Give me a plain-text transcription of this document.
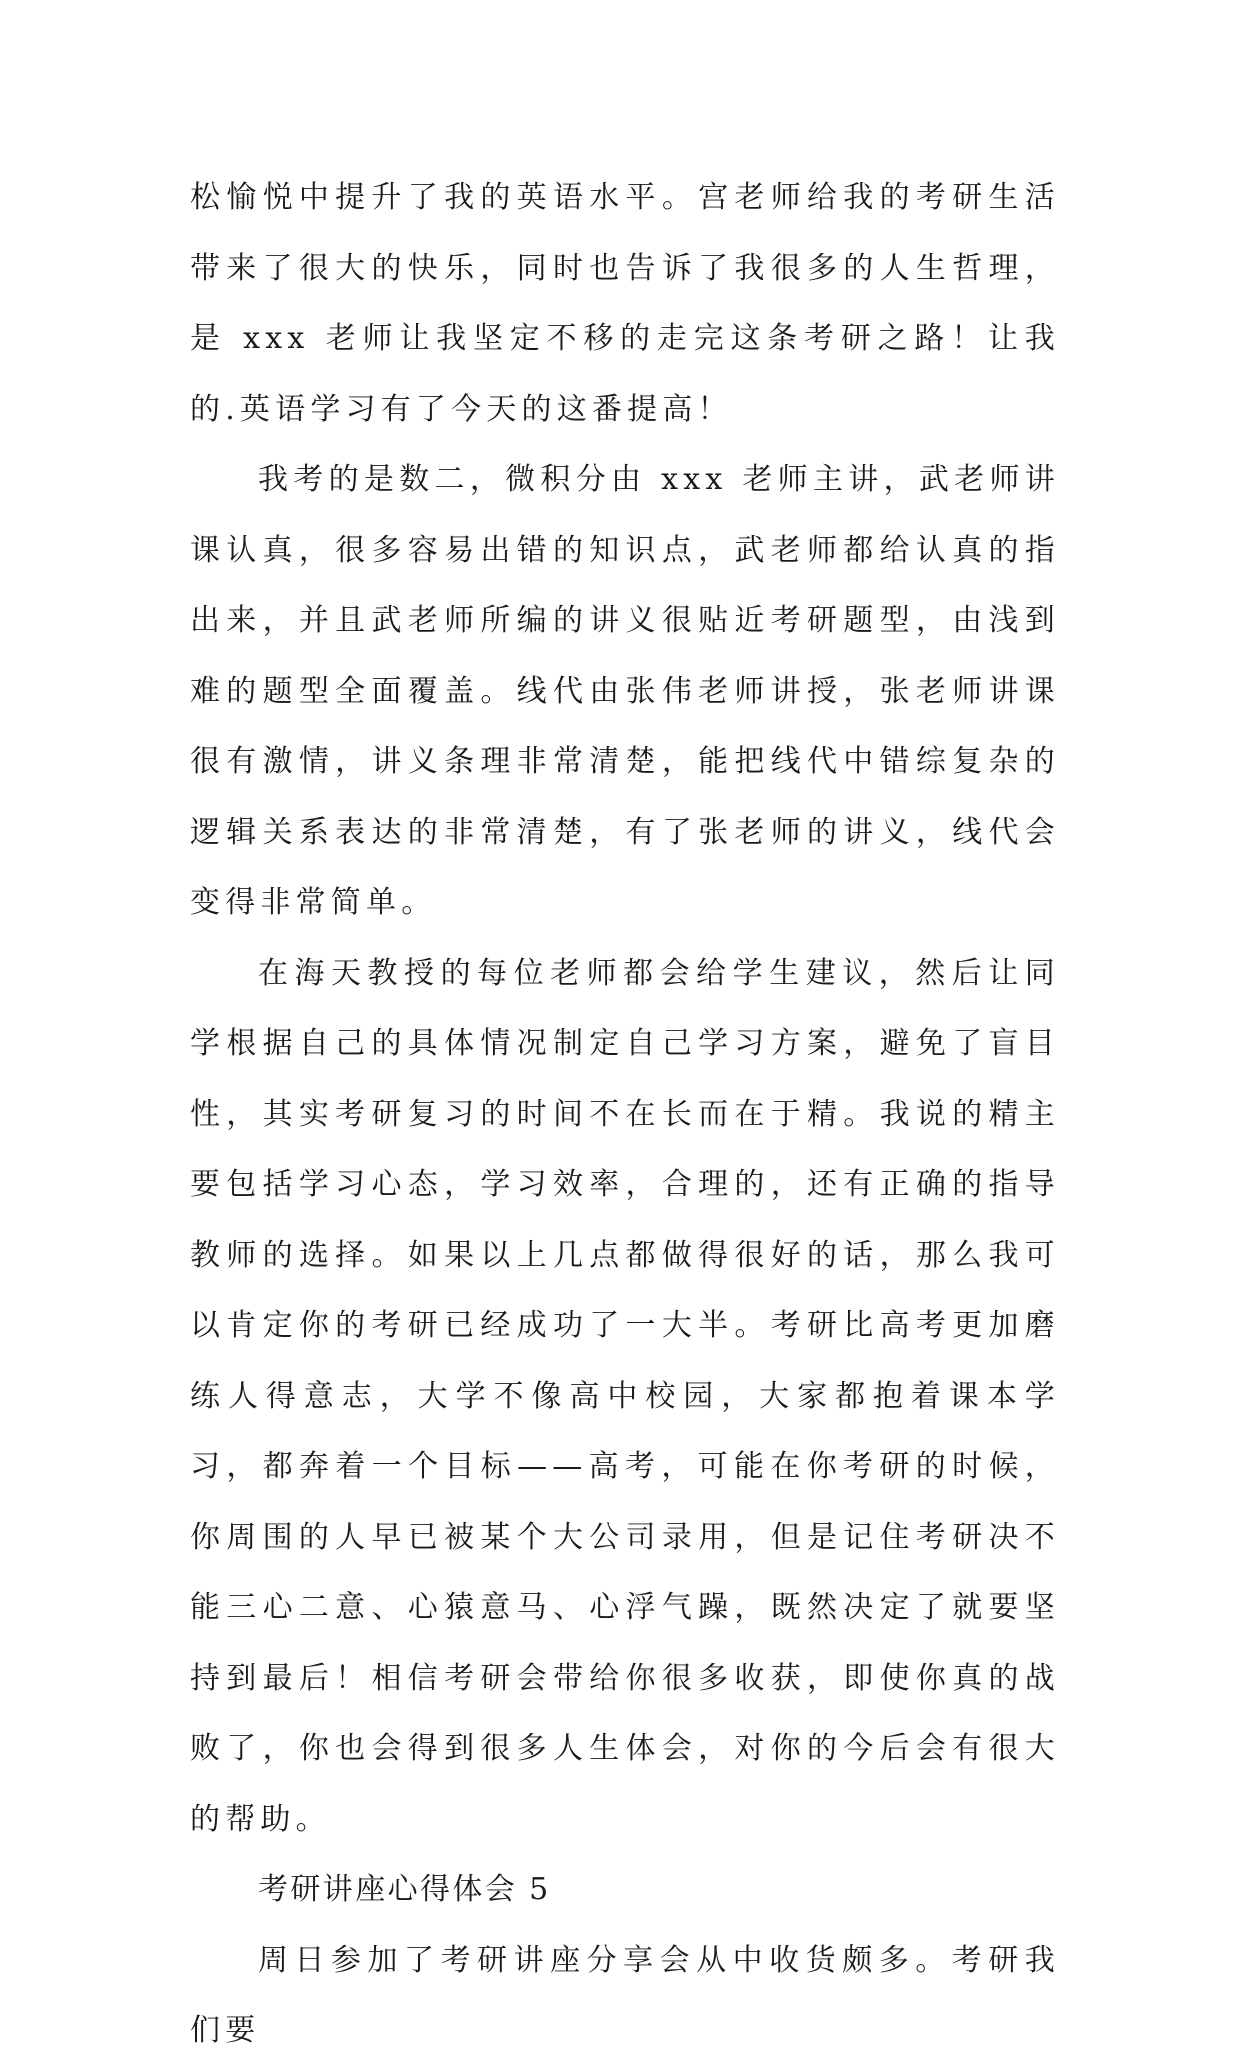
松愉悦中提升了我的英语水平。宫老师给我的考研生活带来了很大的快乐，同时也告诉了我很多的人生哲理，是 xxx 老师让我坚定不移的走完这条考研之路！让我的.英语学习有了今天的这番提高！

我考的是数二，微积分由 xxx 老师主讲，武老师讲课认真，很多容易出错的知识点，武老师都给认真的指出来，并且武老师所编的讲义很贴近考研题型，由浅到难的题型全面覆盖。线代由张伟老师讲授，张老师讲课很有激情，讲义条理非常清楚，能把线代中错综复杂的逻辑关系表达的非常清楚，有了张老师的讲义，线代会变得非常简单。

在海天教授的每位老师都会给学生建议，然后让同学根据自己的具体情况制定自己学习方案，避免了盲目性，其实考研复习的时间不在长而在于精。我说的精主要包括学习心态，学习效率，合理的，还有正确的指导教师的选择。如果以上几点都做得很好的话，那么我可以肯定你的考研已经成功了一大半。考研比高考更加磨练人得意志，大学不像高中校园，大家都抱着课本学习，都奔着一个目标——高考，可能在你考研的时候，你周围的人早已被某个大公司录用，但是记住考研决不能三心二意、心猿意马、心浮气躁，既然决定了就要坚持到最后！相信考研会带给你很多收获，即使你真的战败了，你也会得到很多人生体会，对你的今后会有很大的帮助。

考研讲座心得体会 5

周日参加了考研讲座分享会从中收货颇多。考研我们要
